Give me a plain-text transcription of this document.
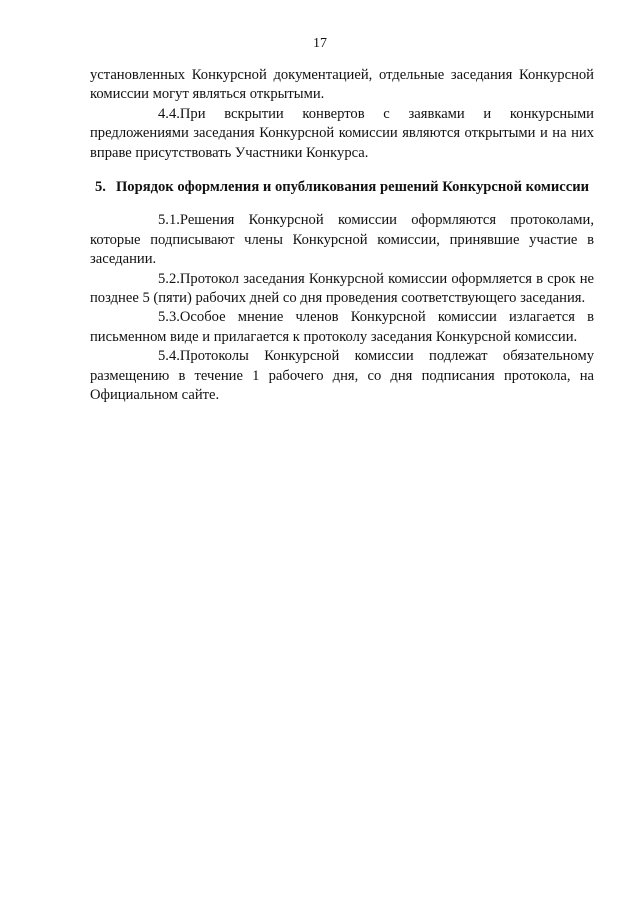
17

установленных Конкурсной документацией, отдельные заседания Конкурсной комиссии могут являться открытыми.

4.4.При вскрытии конвертов с заявками и конкурсными предложениями заседания Конкурсной комиссии являются открытыми и на них вправе присутствовать Участники Конкурса.

5. Порядок оформления и опубликования решений Конкурсной комиссии

5.1.Решения Конкурсной комиссии оформляются протоколами, которые подписывают члены Конкурсной комиссии, принявшие участие в заседании.

5.2.Протокол заседания Конкурсной комиссии оформляется в срок не позднее 5 (пяти) рабочих дней со дня проведения соответствующего заседания.

5.3.Особое мнение членов Конкурсной комиссии излагается в письменном виде и прилагается к протоколу заседания Конкурсной комиссии.

5.4.Протоколы Конкурсной комиссии подлежат обязательному размещению в течение 1 рабочего дня, со дня подписания протокола, на Официальном сайте.
